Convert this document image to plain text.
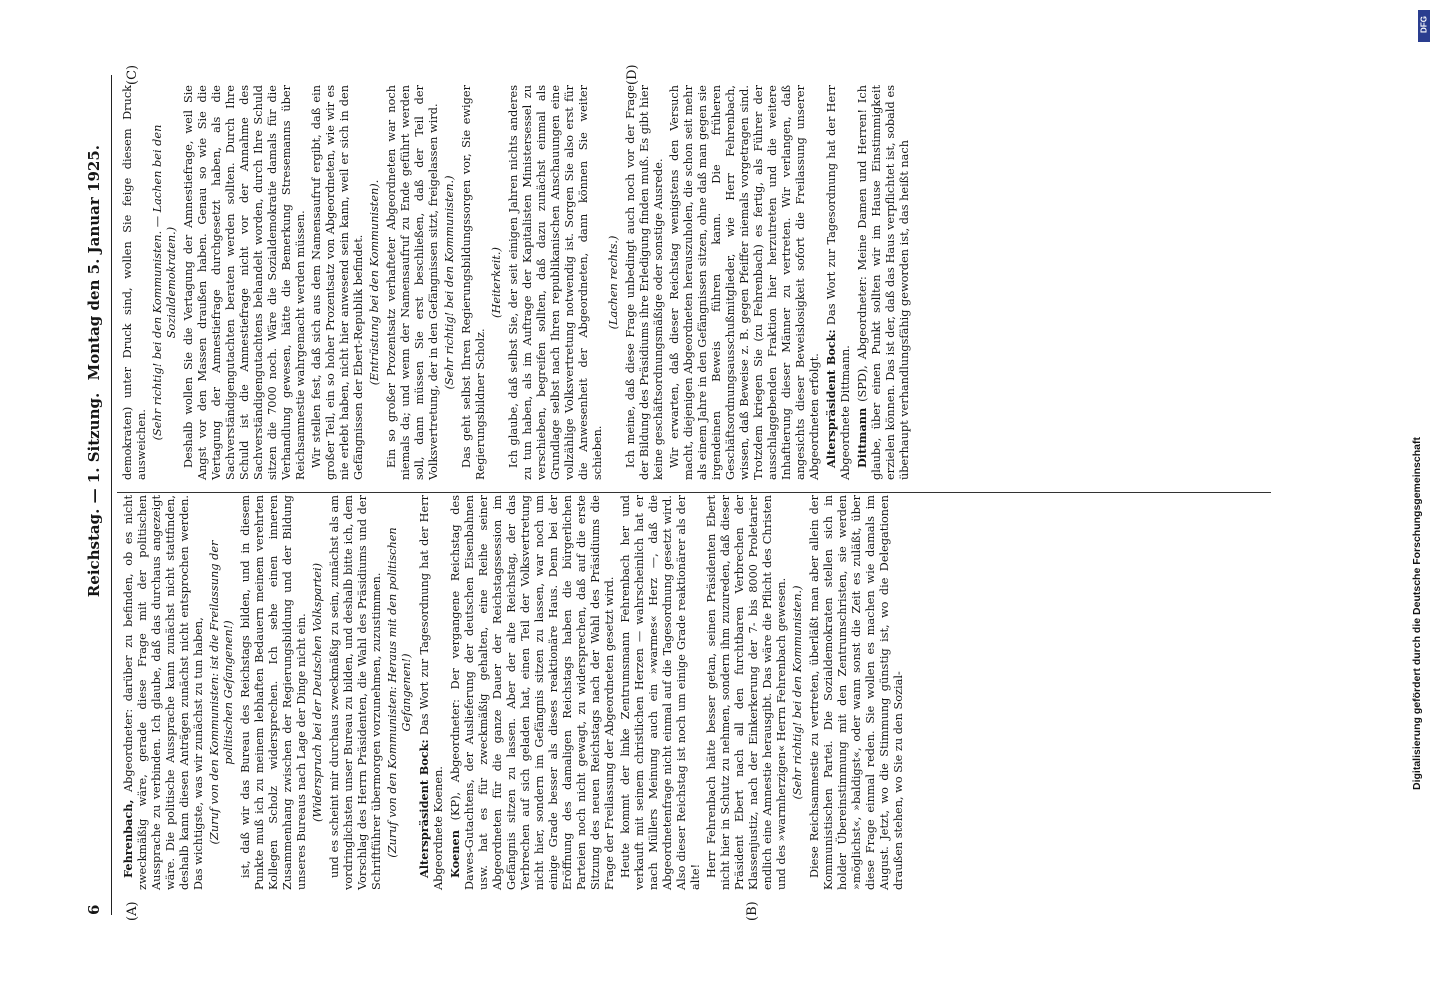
6
Reichstag. — 1. Sitzung.
Montag den 5. Januar 1925.
(A)	(B)
(C)	(D)

Fehrenbach, Abgeordneter: darüber zu befinden, ob es nicht zweckmäßig wäre, gerade diese Frage mit der politischen Aussprache zu verbinden. Ich glaube, daß das durchaus angezeigt wäre. Die politische Aussprache kann zunächst nicht stattfinden, deshalb kann diesen Anträgen zunächst nicht entsprochen werden. Das wichtigste, was wir zunächst zu tun haben, (Zuruf von den Kommunisten: ist die Freilassung der politischen Gefangenen!) ist, daß wir das Bureau des Reichstags bilden, und in diesem Punkte muß ich zu meinem lebhaften Bedauern meinem verehrten Kollegen Scholz widersprechen. Ich sehe einen inneren Zusammenhang zwischen der Regierungsbildung und der Bildung unseres Bureaus nach Lage der Dinge nicht ein. (Widerspruch bei der Deutschen Volkspartei) und es scheint mir durchaus zweckmäßig zu sein, zunächst als am vordringlichsten unser Bureau zu bilden, und deshalb bitte ich, dem Vorschlag des Herrn Präsidenten, die Wahl des Präsidiums und der Schriftführer übermorgen vorzunehmen, zuzustimmen. (Zuruf von den Kommunisten: Heraus mit den politischen Gefangenen!)

Alterspräsident Bock: Das Wort zur Tagesordnung hat der Herr Abgeordnete Koenen. Koenen (KP), Abgeordneter: Der vergangene Reichstag des Dawes-Gutachtens, der Auslieferung der deutschen Eisenbahnen usw. hat es für zweckmäßig gehalten, eine Reihe seiner Abgeordneten für die ganze Dauer der Reichstagssession im Gefängnis sitzen zu lassen. Aber der alte Reichstag, der das Verbrechen auf sich geladen hat, einen Teil der Volksvertretung nicht hier, sondern im Gefängnis sitzen zu lassen, war noch um einige Grade besser als dieses reaktionäre Haus. Denn bei der Eröffnung des damaligen Reichstags haben die bürgerlichen Parteien noch nicht gewagt, zu widersprechen, daß auf die erste Sitzung des neuen Reichstags nach der Wahl des Präsidiums die Frage der Freilassung der Abgeordneten gesetzt wird. Heute kommt der linke Zentrumsmann Fehrenbach her und verkauft mit seinem christlichen Herzen — wahrscheinlich hat er nach Müllers Meinung auch ein »warmes« Herz —, daß die Abgeordnetenfrage nicht einmal auf die Tagesordnung gesetzt wird. Also dieser Reichstag ist noch um einige Grade reaktionärer als der alte! Herr Fehrenbach hätte besser getan, seinen Präsidenten Ebert nicht hier in Schutz zu nehmen, sondern ihm zuzureden, daß dieser Präsident Ebert nach all den furchtbaren Verbrechen der Klassenjustiz, nach der Einkerkerung der 7- bis 8000 Proletarier endlich eine Amnestie herausgibt. Das wäre die Pflicht des Christen und des »warmherzigen« Herrn Fehrenbach gewesen. (Sehr richtig! bei den Kommunisten.) Diese Reichsamnestie zu vertreten, überläßt man aber allein der Kommunistischen Partei. Die Sozialdemokraten stellen sich in holder Übereinstimmung mit den Zentrumschristen, sie werden »möglichst«, »baldigst«, oder wann sonst die Zeit es zuläßt, über diese Frage einmal reden. Sie wollen es machen wie damals im August. Jetzt, wo die Stimmung günstig ist, wo die Delegationen draußen stehen, wo Sie zu den Sozial-

demokraten) unter Druck sind, wollen Sie feige diesem Druck ausweichen.

(Sehr richtig! bei den Kommunisten. — Lachen bei den Sozialdemokraten.) Deshalb wollen Sie die Vertagung der Amnestiefrage, weil Sie Angst vor den Massen draußen haben. Genau so wie Sie die Vertagung der Amnestiefrage durchgesetzt haben, als die Sachverständigengutachten beraten werden sollten. Durch Ihre Schuld ist die Amnestiefrage nicht vor der Annahme des Sachverständigengutachtens behandelt worden, durch Ihre Schuld sitzen die 7000 noch. Wäre die Sozialdemokratie damals für die Verhandlung gewesen, hätte die Bemerkung Stresemanns über Reichsamnestie wahrgemacht werden müssen. Wir stellen fest, daß sich aus dem Namensaufruf ergibt, daß ein großer Teil, ein so hoher Prozentsatz von Abgeordneten, wie wir es nie erlebt haben, nicht hier anwesend sein kann, weil er sich in den Gefängnissen der Ebert-Republik befindet. (Entrüstung bei den Kommunisten). Ein so großer Prozentsatz verhafteter Abgeordneten war noch niemals da; und wenn der Namensaufruf zu Ende geführt werden soll, dann müssen Sie erst beschließen, daß der Teil der Volksvertretung, der in den Gefängnissen sitzt, freigelassen wird. (Sehr richtig! bei den Kommunisten.) Das geht selbst Ihren Regierungsbildungssorgen vor, Sie ewiger Regierungsbildner Scholz.

(Heiterkeit.) Ich glaube, daß selbst Sie, der seit einigen Jahren nichts anderes zu tun haben, als im Auftrage der Kapitalisten Ministersessel zu verschieben, begreifen sollten, daß dazu zunächst einmal als Grundlage selbst nach Ihren republikanischen Anschauungen eine vollzählige Volksvertretung notwendig ist. Sorgen Sie also erst für die Anwesenheit der Abgeordneten, dann können Sie weiter schieben.

(Lachen rechts.) Ich meine, daß diese Frage unbedingt auch noch vor der Frage der Bildung des Präsidiums ihre Erledigung finden muß. Es gibt hier keine geschäftsordnungsmäßige oder sonstige Ausrede. Wir erwarten, daß dieser Reichstag wenigstens den Versuch macht, diejenigen Abgeordneten herauszuholen, die schon seit mehr als einem Jahre in den Gefängnissen sitzen, ohne daß man gegen sie irgendeinen Beweis führen kann. Die früheren Geschäftsordnungsausschußmitglieder, wie Herr Fehrenbach, wissen, daß Beweise z. B. gegen Pfeiffer niemals vorgetragen sind. Trotzdem kriegen Sie (zu Fehrenbach) es fertig, als Führer der ausschlaggebenden Fraktion hier herzutreten und die weitere Inhaftierung dieser Männer zu vertreten. Wir verlangen, daß angesichts dieser Beweislosigkeit sofort die Freilassung unserer Abgeordneten erfolgt. Alterspräsident Bock: Das Wort zur Tagesordnung hat der Herr Abgeordnete Dittmann. Dittmann (SPD), Abgeordneter: Meine Damen und Herren! Ich glaube, über einen Punkt sollten wir im Hause Einstimmigkeit erzielen können. Das ist der, daß das Haus verpflichtet ist, sobald es überhaupt verhandlungsfähig geworden ist, das heißt nach

DFG
Digitalisierung gefördert durch die Deutsche Forschungsgemeinschaft
